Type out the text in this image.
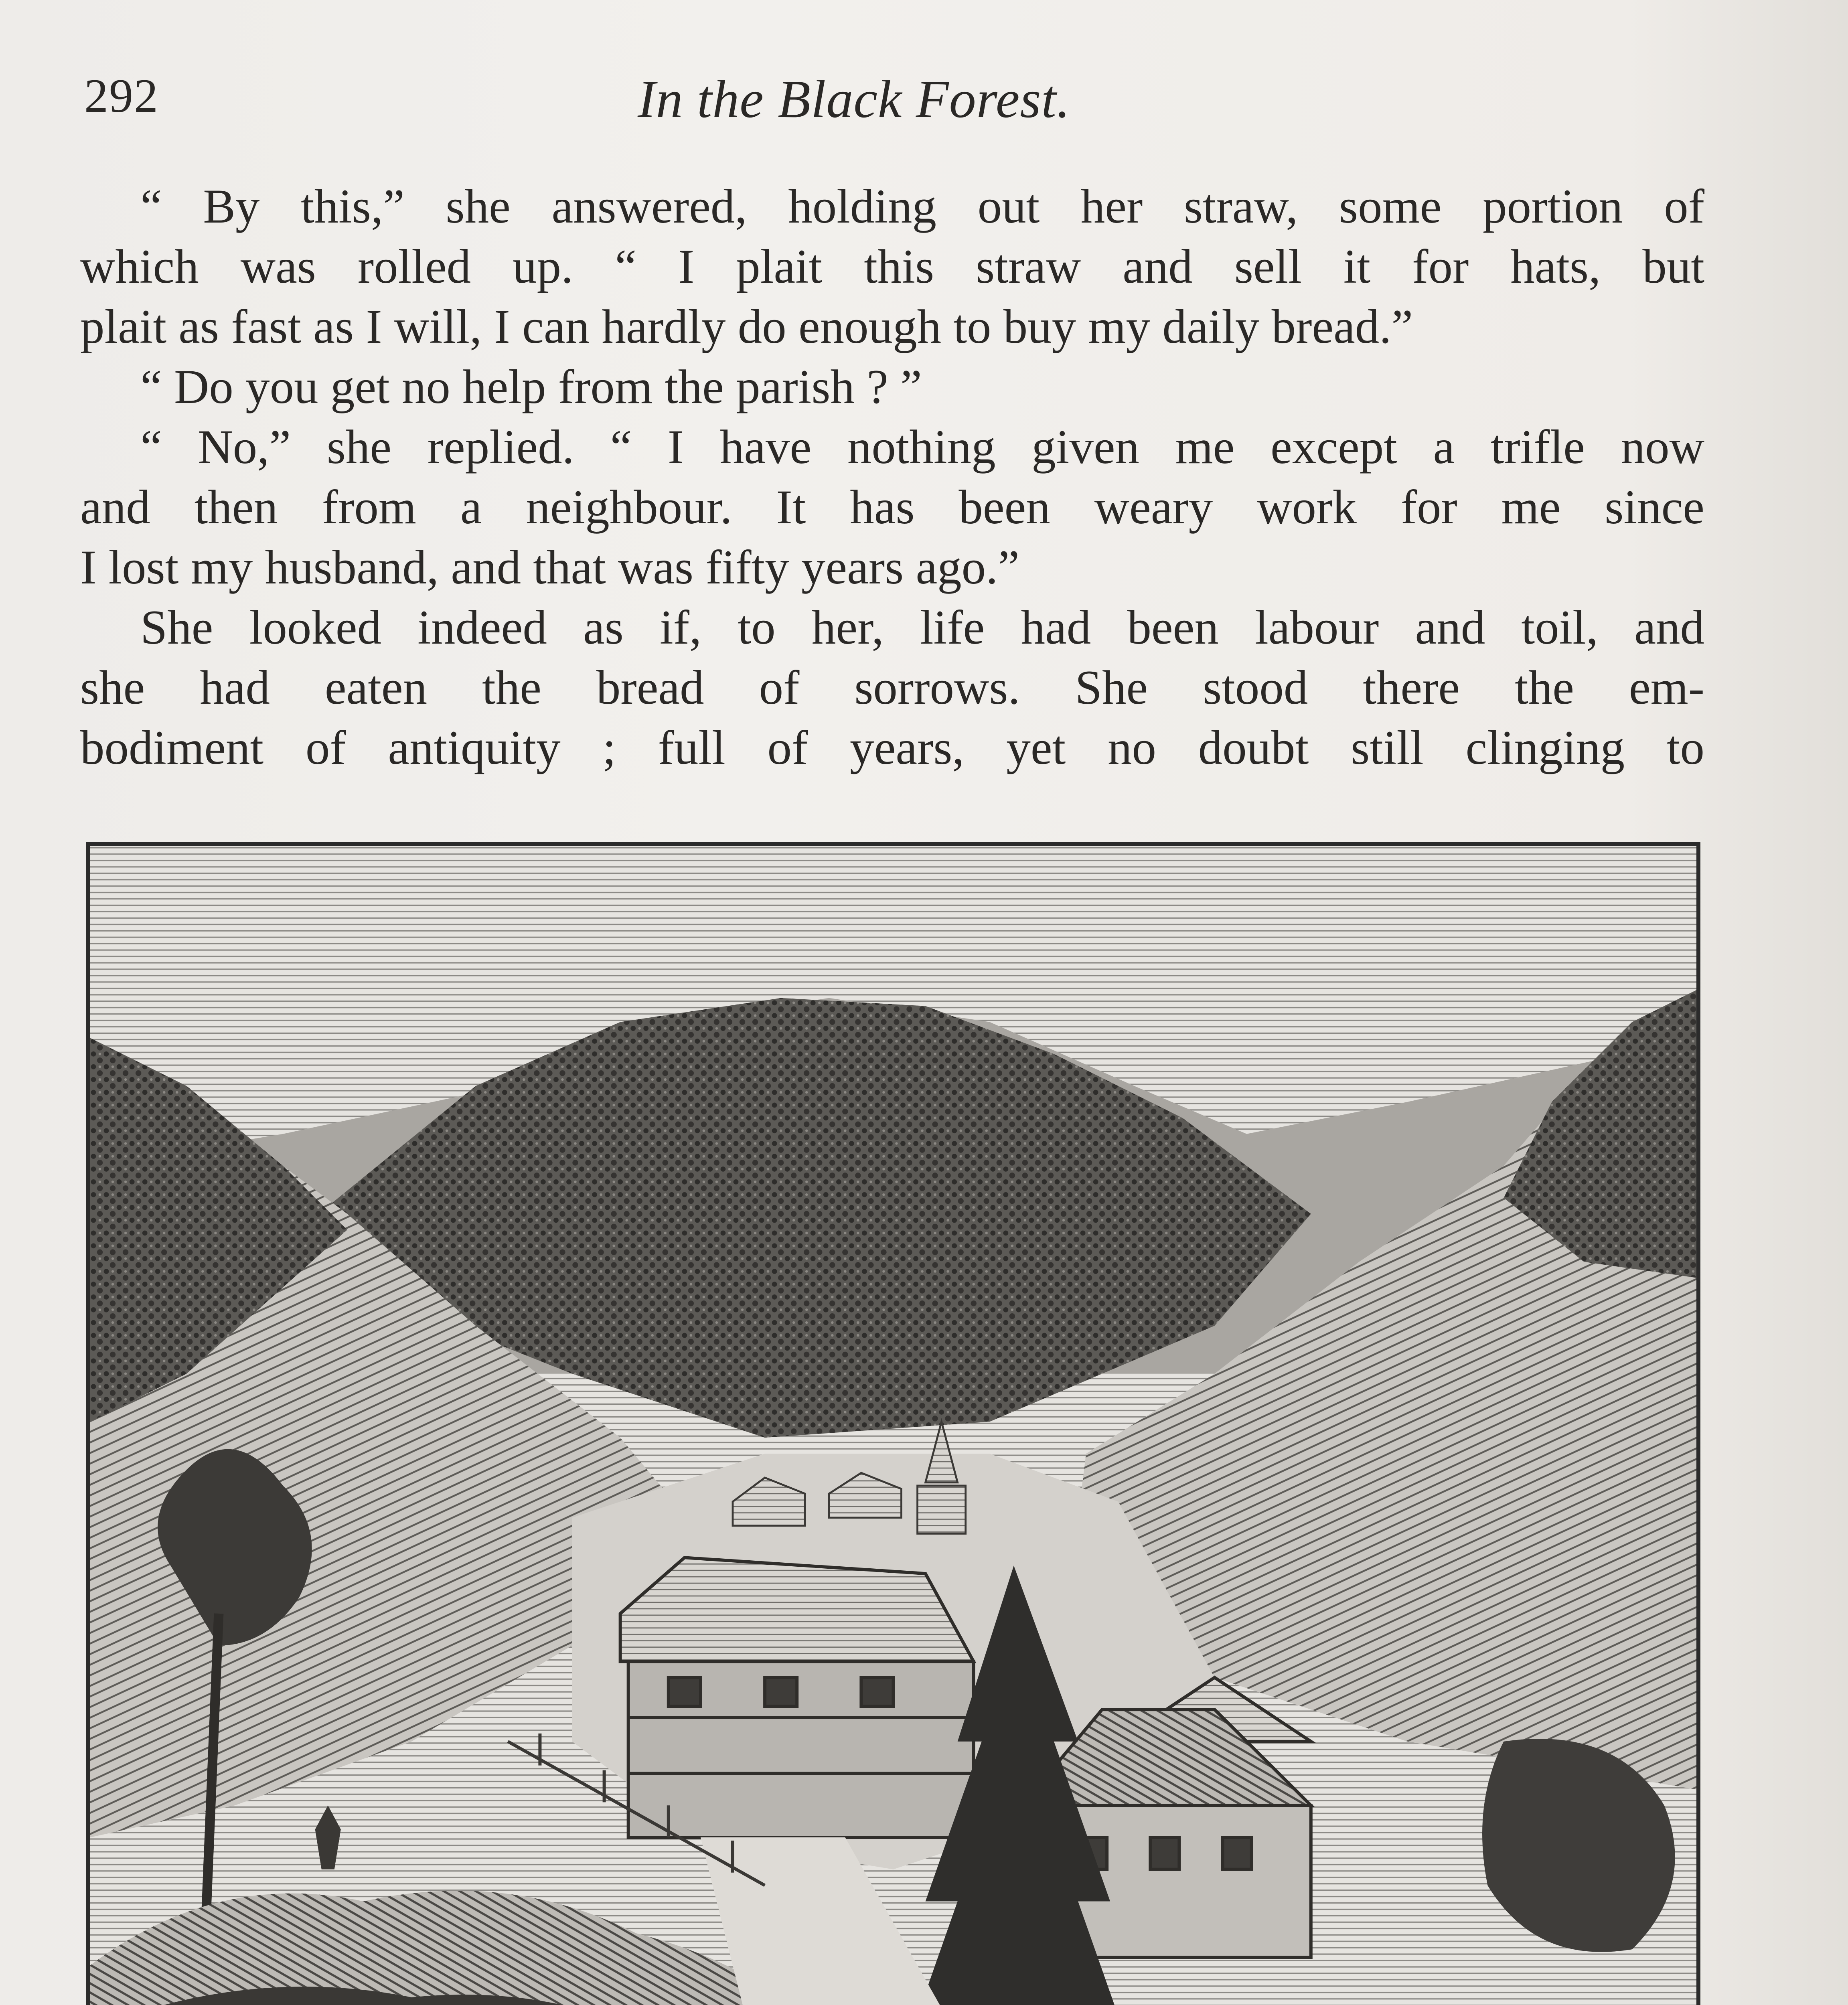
292	In the Black Forest.
“ By this,” she answered, holding out her straw, some portion of
which was rolled up. “ I plait this straw and sell it for hats, but
plait as fast as I will, I can hardly do enough to buy my daily bread.”
“ Do you get no help from the parish ? ”
“ No,” she replied. “ I have nothing given me except a trifle now
and then from a neighbour. It has been weary work for me since
I lost my husband, and that was fifty years ago.”
She looked indeed as if, to her, life had been labour and toil, and
she had eaten the bread of sorrows. She stood there the em-
bodiment of antiquity ; full of years, yet no doubt still clinging to
